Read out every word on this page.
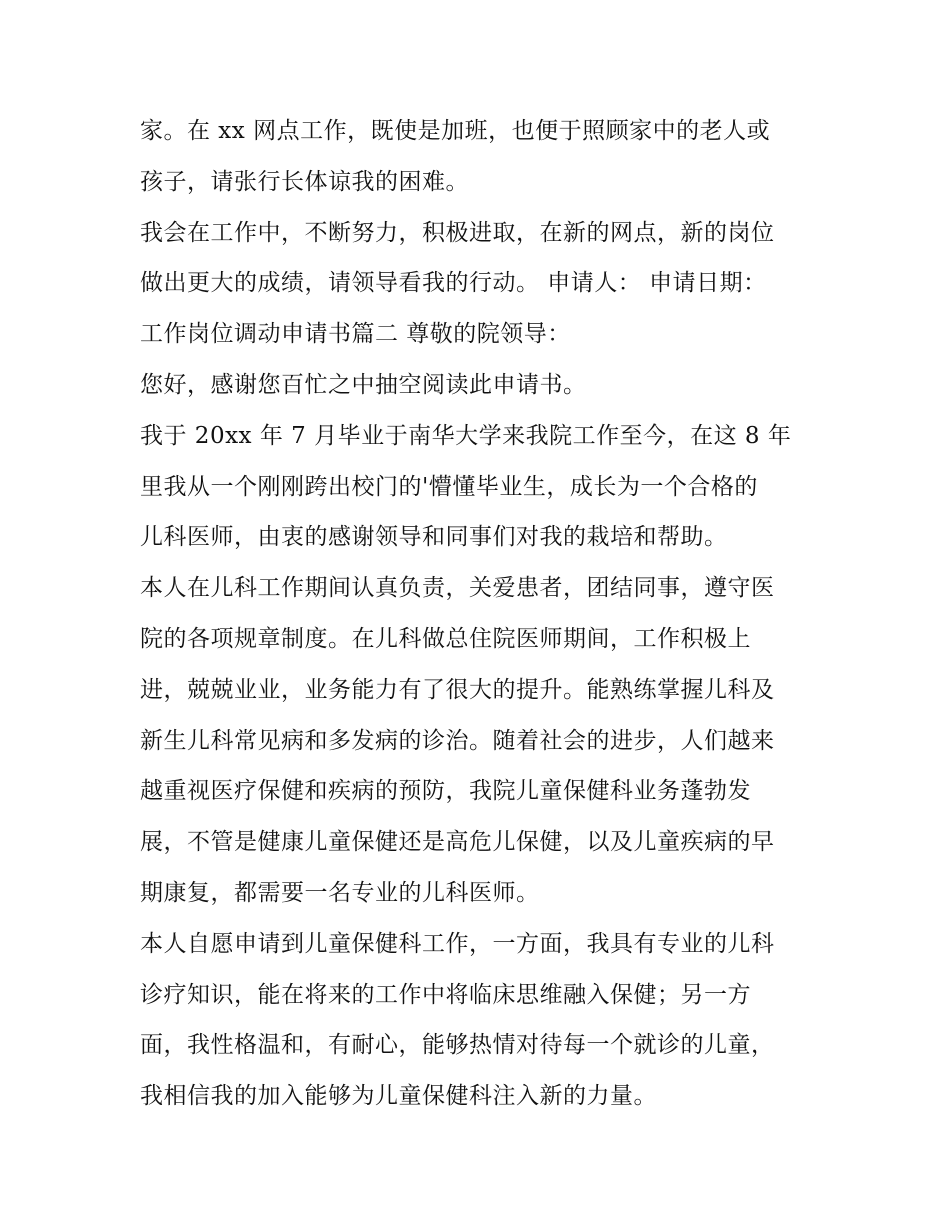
家。在 xx 网点工作，既使是加班，也便于照顾家中的老人或
孩子，请张行长体谅我的困难。
我会在工作中，不断努力，积极进取，在新的网点，新的岗位
做出更大的成绩，请领导看我的行动。 申请人： 申请日期：
工作岗位调动申请书篇二 尊敬的院领导：
您好，感谢您百忙之中抽空阅读此申请书。
我于 20xx 年 7 月毕业于南华大学来我院工作至今，在这 8 年
里我从一个刚刚跨出校门的'懵懂毕业生，成长为一个合格的
儿科医师，由衷的感谢领导和同事们对我的栽培和帮助。
本人在儿科工作期间认真负责，关爱患者，团结同事，遵守医
院的各项规章制度。在儿科做总住院医师期间，工作积极上
进，兢兢业业，业务能力有了很大的提升。能熟练掌握儿科及
新生儿科常见病和多发病的诊治。随着社会的进步，人们越来
越重视医疗保健和疾病的预防，我院儿童保健科业务蓬勃发
展，不管是健康儿童保健还是高危儿保健，以及儿童疾病的早
期康复，都需要一名专业的儿科医师。
本人自愿申请到儿童保健科工作，一方面，我具有专业的儿科
诊疗知识，能在将来的工作中将临床思维融入保健；另一方
面，我性格温和，有耐心，能够热情对待每一个就诊的儿童，
我相信我的加入能够为儿童保健科注入新的力量。
